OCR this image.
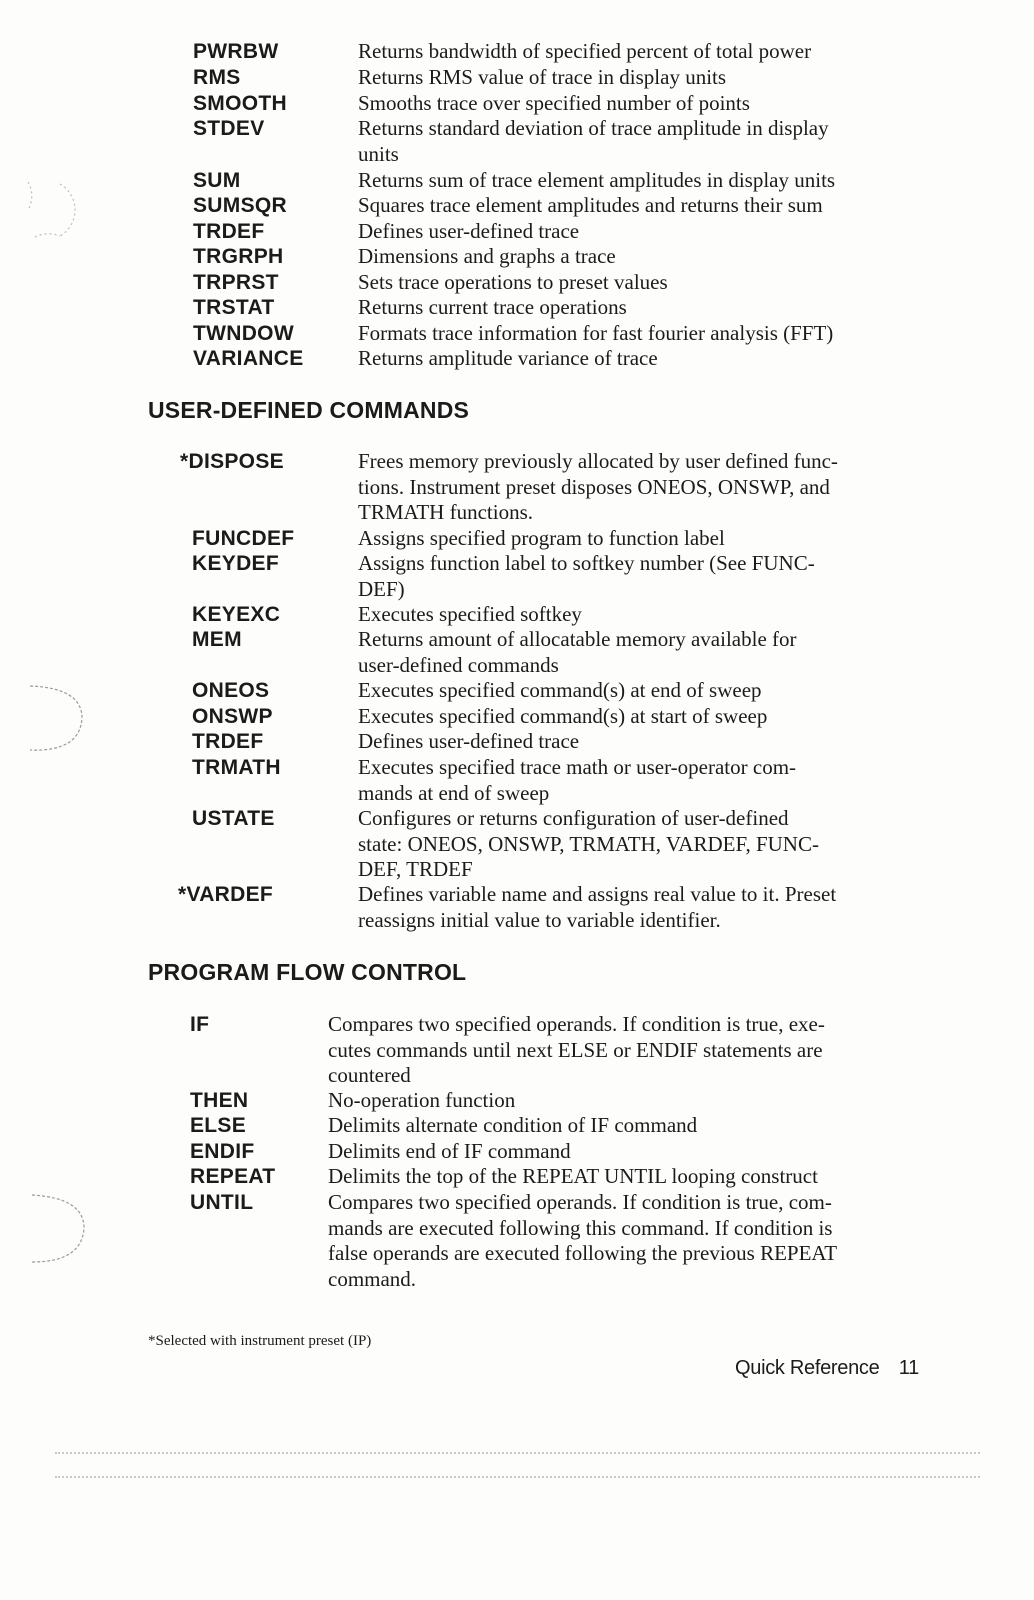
PWRBW	Returns bandwidth of specified percent of total power
RMS	Returns RMS value of trace in display units
SMOOTH	Smooths trace over specified number of points
STDEV	Returns standard deviation of trace amplitude in display
units
SUM	Returns sum of trace element amplitudes in display units
SUMSQR	Squares trace element amplitudes and returns their sum
TRDEF	Defines user-defined trace
TRGRPH	Dimensions and graphs a trace
TRPRST	Sets trace operations to preset values
TRSTAT	Returns current trace operations
TWNDOW	Formats trace information for fast fourier analysis (FFT)
VARIANCE	Returns amplitude variance of trace
USER-DEFINED COMMANDS
*DISPOSE	Frees memory previously allocated by user defined func-
tions. Instrument preset disposes ONEOS, ONSWP, and
TRMATH functions.
FUNCDEF	Assigns specified program to function label
KEYDEF	Assigns function label to softkey number (See FUNC-
DEF)
KEYEXC	Executes specified softkey
MEM	Returns amount of allocatable memory available for
user-defined commands
ONEOS	Executes specified command(s) at end of sweep
ONSWP	Executes specified command(s) at start of sweep
TRDEF	Defines user-defined trace
TRMATH	Executes specified trace math or user-operator com-
mands at end of sweep
USTATE	Configures or returns configuration of user-defined
state: ONEOS, ONSWP, TRMATH, VARDEF, FUNC-
DEF, TRDEF
*VARDEF	Defines variable name and assigns real value to it. Preset
reassigns initial value to variable identifier.
PROGRAM FLOW CONTROL
IF	Compares two specified operands. If condition is true, exe-
cutes commands until next ELSE or ENDIF statements are
countered
THEN	No-operation function
ELSE	Delimits alternate condition of IF command
ENDIF	Delimits end of IF command
REPEAT	Delimits the top of the REPEAT UNTIL looping construct
UNTIL	Compares two specified operands. If condition is true, com-
mands are executed following this command. If condition is
false operands are executed following the previous REPEAT
command.
*Selected with instrument preset (IP)
Quick Reference 11
